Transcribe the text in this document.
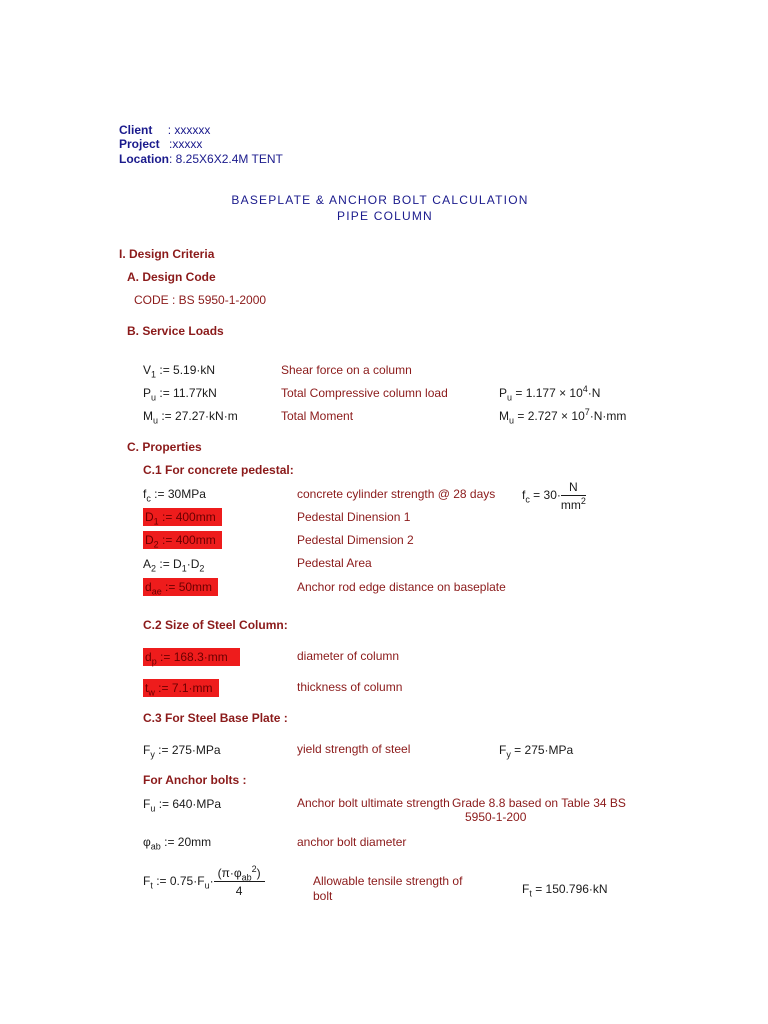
Client : xxxxxx
Project :xxxxx
Location: 8.25X6X2.4M TENT
BASEPLATE & ANCHOR BOLT CALCULATION
PIPE COLUMN
I. Design Criteria
A. Design Code
CODE : BS 5950-1-2000
B. Service Loads
$V_1$ := 5.19·kN	Shear force on a column
$P_u$ := 11.77kN	Total Compressive column load	$P_u = 1.177 \times 10^4\cdot N$
$M_u$ := 27.27·kN·m	Total Moment	$M_u = 2.727 \times 10^7\cdot N\cdot mm$
C. Properties
C.1 For concrete pedestal:
$f_c$ := 30MPa	concrete cylinder strength @ 28 days $f_c = 30\cdot \frac{N}{mm^2}$
$D_1$ := 400mm	Pedestal Dinension 1
$D_2$ := 400mm	Pedestal Dimension 2
$A_2$ := $D_1\cdot D_2$	Pedestal Area
$d_{ae}$ := 50mm	Anchor rod edge distance on baseplate
C.2 Size of Steel Column:
$d_p$ := 168.3·mm	diameter of column
$t_w$ := 7.1·mm	thickness of column
C.3 For Steel Base Plate :
$F_y$ := 275·MPa	yield strength of steel	$F_y = 275\cdot MPa$
For Anchor bolts :
$F_u$ := 640·MPa	Anchor bolt ultimate strength Grade 8.8 based on Table 34 BS
5950-1-200
$\varphi_{ab}$ := 20mm	anchor bolt diameter
$F_t$ := $0.75\cdot F_u\cdot \frac{(\pi\cdot\varphi_{ab}^2)}{4}$	Allowable tensile strength of
bolt	$F_t = 150.796\cdot kN$
